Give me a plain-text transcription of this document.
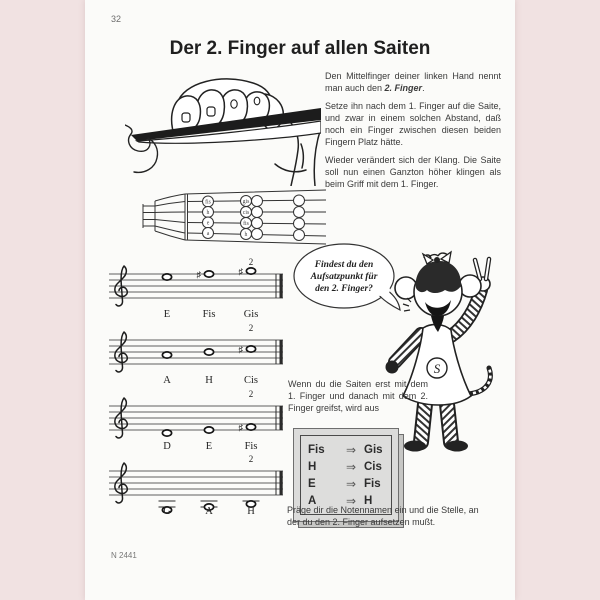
32
Der 2. Finger auf allen Saiten

Den Mittelfinger deiner linken Hand nennt man auch den 2. Finger.

Setze ihn nach dem 1. Finger auf die Saite, und zwar in einem solchen Abstand, daß noch ein Finger zwischen diesen beiden Fingern Platz hätte.

Wieder verändert sich der Klang. Die Saite soll nun einen Ganzton höher klingen als beim Griff mit dem 1. Finger.

fis
h
e
a
gis
cis
fis
h
E
♯
Fis
♯
Gis
2
A	H
♯
Cis
2
D	E
♯
Fis
2
G	A	H
2
Findest du den
Aufsatzpunkt für
den 2. Finger?
S
Wenn du die Saiten erst mit dem 1. Finger und danach mit dem 2. Finger greifst, wird aus
Fis	⇒ Gis
H	⇒ Cis
E	⇒ Fis
A	⇒ H
Präge dir die Notennamen ein und die Stelle, an der du den 2. Finger aufsetzen mußt.
N 2441
